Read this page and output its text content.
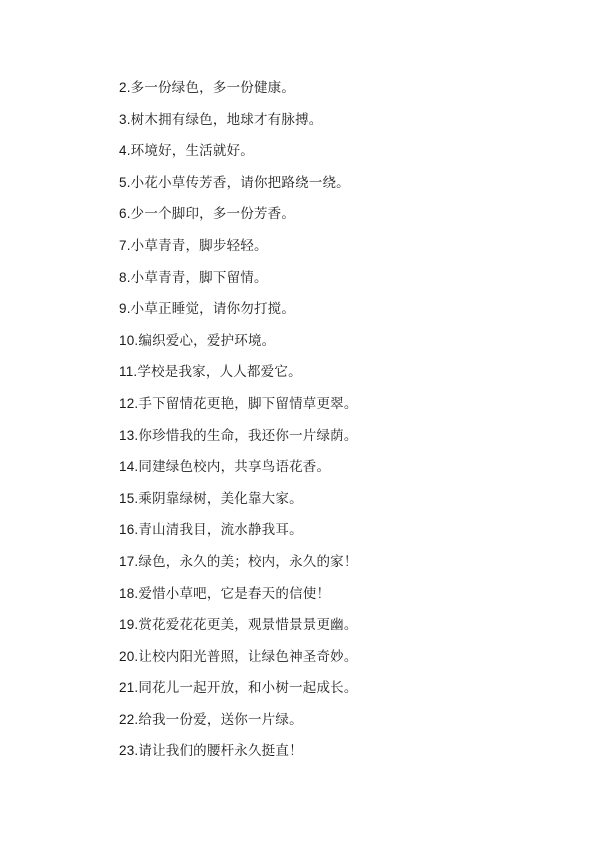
2.多一份绿色，多一份健康。
3.树木拥有绿色，地球才有脉搏。
4.环境好，生活就好。
5.小花小草传芳香，请你把路绕一绕。
6.少一个脚印，多一份芳香。
7.小草青青，脚步轻轻。
8.小草青青，脚下留情。
9.小草正睡觉，请你勿打搅。
10.编织爱心，爱护环境。
11.学校是我家，人人都爱它。
12.手下留情花更艳，脚下留情草更翠。
13.你珍惜我的生命，我还你一片绿荫。
14.同建绿色校内，共享鸟语花香。
15.乘阴靠绿树，美化靠大家。
16.青山清我目，流水静我耳。
17.绿色，永久的美；校内，永久的家！
18.爱惜小草吧，它是春天的信使！
19.赏花爱花花更美，观景惜景景更幽。
20.让校内阳光普照，让绿色神圣奇妙。
21.同花儿一起开放，和小树一起成长。
22.给我一份爱，送你一片绿。
23.请让我们的腰杆永久挺直！
